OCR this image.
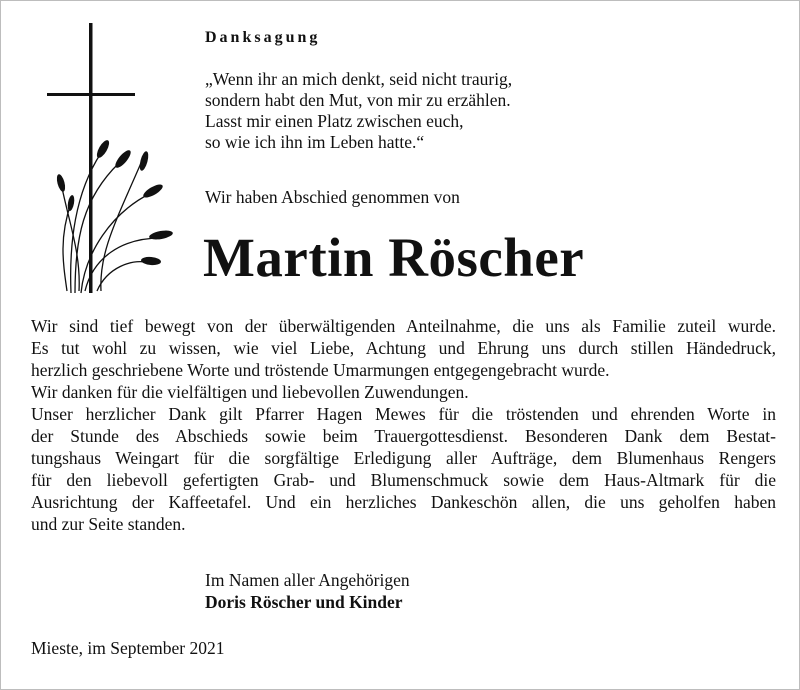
Danksagung
„Wenn ihr an mich denkt, seid nicht traurig,
sondern habt den Mut, von mir zu erzählen.
Lasst mir einen Platz zwischen euch,
so wie ich ihn im Leben hatte.“
Wir haben Abschied genommen von
Martin Röscher
Wir sind tief bewegt von der überwältigenden Anteilnahme, die uns als Familie zuteil wurde.
Es tut wohl zu wissen, wie viel Liebe, Achtung und Ehrung uns durch stillen Händedruck,
herzlich geschriebene Worte und tröstende Umarmungen entgegengebracht wurde.
Wir danken für die vielfältigen und liebevollen Zuwendungen.
Unser herzlicher Dank gilt Pfarrer Hagen Mewes für die tröstenden und ehrenden Worte in
der Stunde des Abschieds sowie beim Trauergottesdienst. Besonderen Dank dem Bestat-
tungshaus Weingart für die sorgfältige Erledigung aller Aufträge, dem Blumenhaus Rengers
für den liebevoll gefertigten Grab- und Blumenschmuck sowie dem Haus-Altmark für die
Ausrichtung der Kaffeetafel. Und ein herzliches Dankeschön allen, die uns geholfen haben
und zur Seite standen.
Im Namen aller Angehörigen
Doris Röscher und Kinder
Mieste, im September 2021
